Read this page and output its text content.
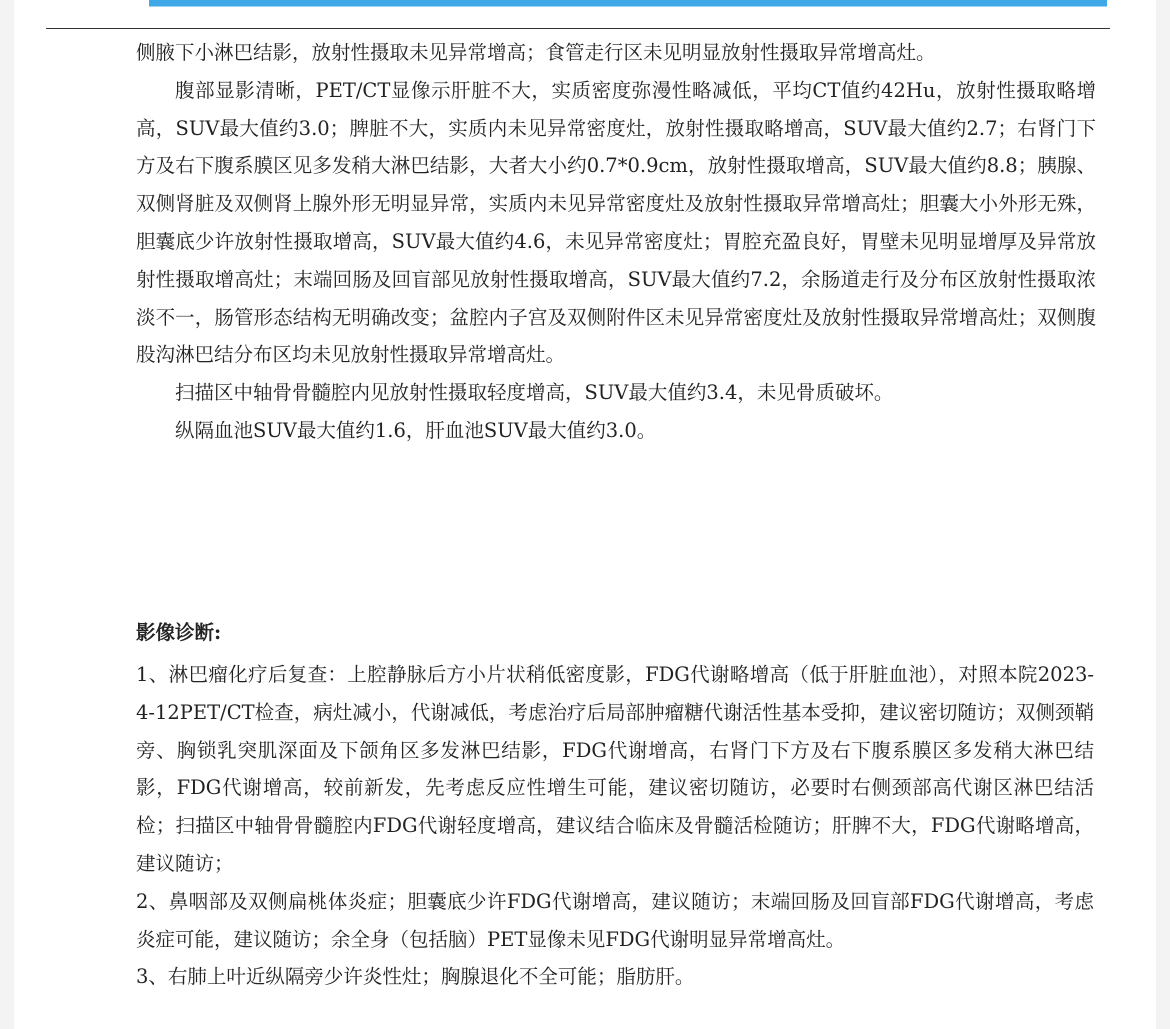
侧腋下小淋巴结影，放射性摄取未见异常增高；食管走行区未见明显放射性摄取异常增高灶。

腹部显影清晰，PET/CT显像示肝脏不大，实质密度弥漫性略减低，平均CT值约42Hu，放射性摄取略增高，SUV最大值约3.0；脾脏不大，实质内未见异常密度灶，放射性摄取略增高，SUV最大值约2.7；右肾门下方及右下腹系膜区见多发稍大淋巴结影，大者大小约0.7*0.9cm，放射性摄取增高，SUV最大值约8.8；胰腺、双侧肾脏及双侧肾上腺外形无明显异常，实质内未见异常密度灶及放射性摄取异常增高灶；胆囊大小外形无殊，胆囊底少许放射性摄取增高，SUV最大值约4.6，未见异常密度灶；胃腔充盈良好，胃壁未见明显增厚及异常放射性摄取增高灶；末端回肠及回盲部见放射性摄取增高，SUV最大值约7.2，余肠道走行及分布区放射性摄取浓淡不一，肠管形态结构无明确改变；盆腔内子宫及双侧附件区未见异常密度灶及放射性摄取异常增高灶；双侧腹股沟淋巴结分布区均未见放射性摄取异常增高灶。

扫描区中轴骨骨髓腔内见放射性摄取轻度增高，SUV最大值约3.4，未见骨质破坏。

纵隔血池SUV最大值约1.6，肝血池SUV最大值约3.0。

影像诊断:

1、淋巴瘤化疗后复查：上腔静脉后方小片状稍低密度影，FDG代谢略增高（低于肝脏血池），对照本院2023-4-12PET/CT检查，病灶减小，代谢减低，考虑治疗后局部肿瘤糖代谢活性基本受抑，建议密切随访；双侧颈鞘旁、胸锁乳突肌深面及下颌角区多发淋巴结影，FDG代谢增高，右肾门下方及右下腹系膜区多发稍大淋巴结影，FDG代谢增高，较前新发，先考虑反应性增生可能，建议密切随访，必要时右侧颈部高代谢区淋巴结活检；扫描区中轴骨骨髓腔内FDG代谢轻度增高，建议结合临床及骨髓活检随访；肝脾不大，FDG代谢略增高，建议随访；

2、鼻咽部及双侧扁桃体炎症；胆囊底少许FDG代谢增高，建议随访；末端回肠及回盲部FDG代谢增高，考虑炎症可能，建议随访；余全身（包括脑）PET显像未见FDG代谢明显异常增高灶。

3、右肺上叶近纵隔旁少许炎性灶；胸腺退化不全可能；脂肪肝。
